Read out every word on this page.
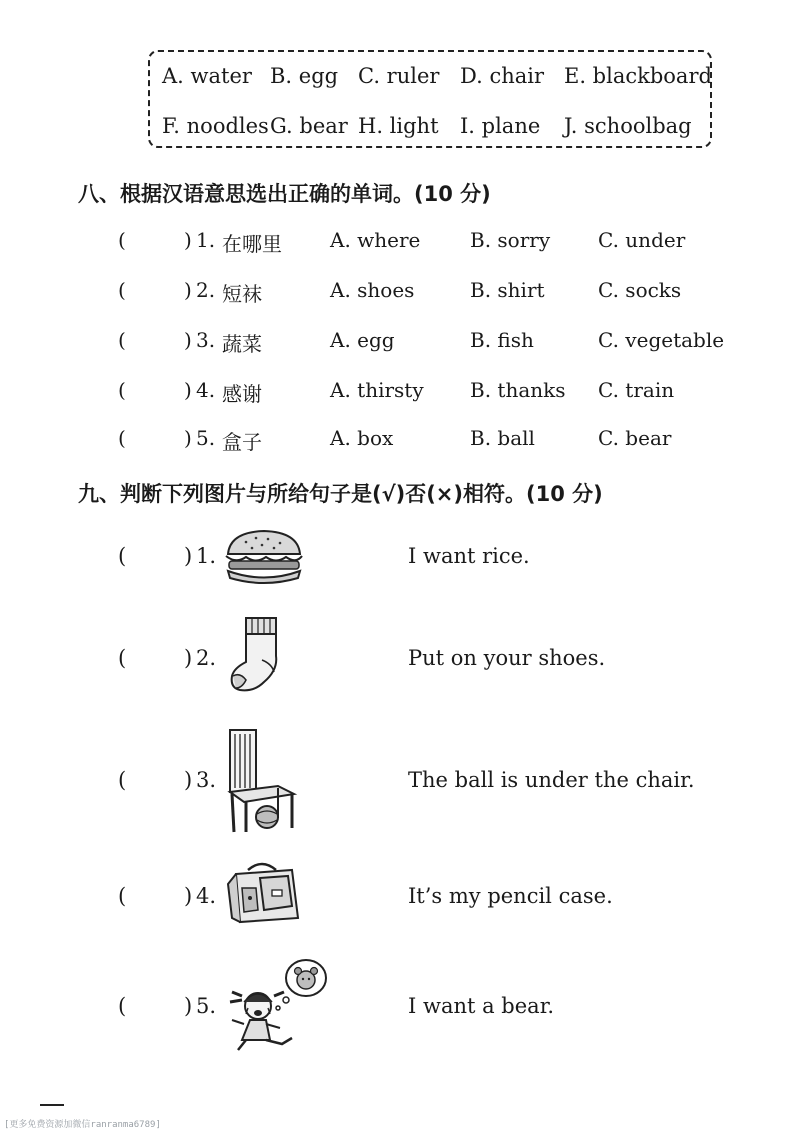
A. water B. egg C. ruler D. chair E. blackboard
F. noodles G. bear H. light I. plane J. schoolbag
八、根据汉语意思选出正确的单词。(10 分)
(	) 1. 在哪里 A. where B. sorry C. under
(	) 2. 短袜	A. shoes	B. shirt	C. socks
(	) 3. 蔬菜	A. egg	B. fish	C. vegetable
(	) 4. 感谢	A. thirsty B. thanks C. train
(	) 5. 盒子	A. box	B. ball	C. bear
九、判断下列图片与所给句子是(√)否(×)相符。(10 分)
(	) 1.	I want rice.
(	) 2.	Put on your shoes.
(	) 3.	The ball is under the chair.
(	) 4.	It’s my pencil case.
(	) 5.	I want a bear.
[更多免费资源加微信ranranma6789]
